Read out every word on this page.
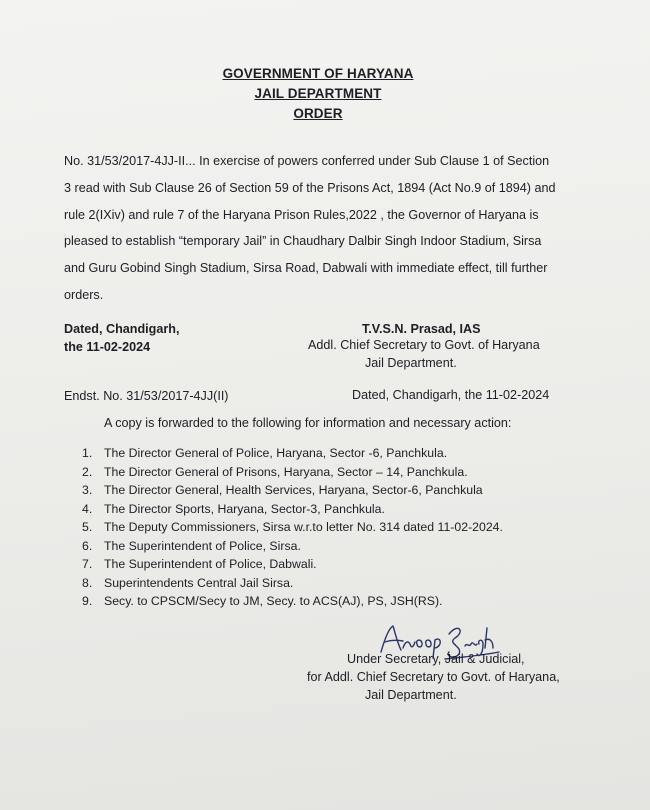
GOVERNMENT OF HARYANA
JAIL DEPARTMENT
ORDER
No. 31/53/2017-4JJ-II... In exercise of powers conferred under Sub Clause 1 of Section
3 read with Sub Clause 26 of Section 59 of the Prisons Act, 1894 (Act No.9 of 1894) and
rule 2(IXiv) and rule 7 of the Haryana Prison Rules,2022 , the Governor of Haryana is
pleased to establish “temporary Jail” in Chaudhary Dalbir Singh Indoor Stadium, Sirsa
and Guru Gobind Singh Stadium, Sirsa Road, Dabwali with immediate effect, till further
orders.
Dated, Chandigarh,
the 11-02-2024
T.V.S.N. Prasad, IAS
Addl. Chief Secretary to Govt. of Haryana
Jail Department.
Endst. No. 31/53/2017-4JJ(II)	Dated, Chandigarh, the 11-02-2024
A copy is forwarded to the following for information and necessary action:
1. The Director General of Police, Haryana, Sector -6, Panchkula.
2. The Director General of Prisons, Haryana, Sector – 14, Panchkula.
3. The Director General, Health Services, Haryana, Sector-6, Panchkula
4. The Director Sports, Haryana, Sector-3, Panchkula.
5. The Deputy Commissioners, Sirsa w.r.to letter No. 314 dated 11-02-2024.
6. The Superintendent of Police, Sirsa.
7. The Superintendent of Police, Dabwali.
8. Superintendents Central Jail Sirsa.
9. Secy. to CPSCM/Secy to JM, Secy. to ACS(AJ), PS, JSH(RS).
Under Secretary, Jail & Judicial,
for Addl. Chief Secretary to Govt. of Haryana,
Jail Department.
